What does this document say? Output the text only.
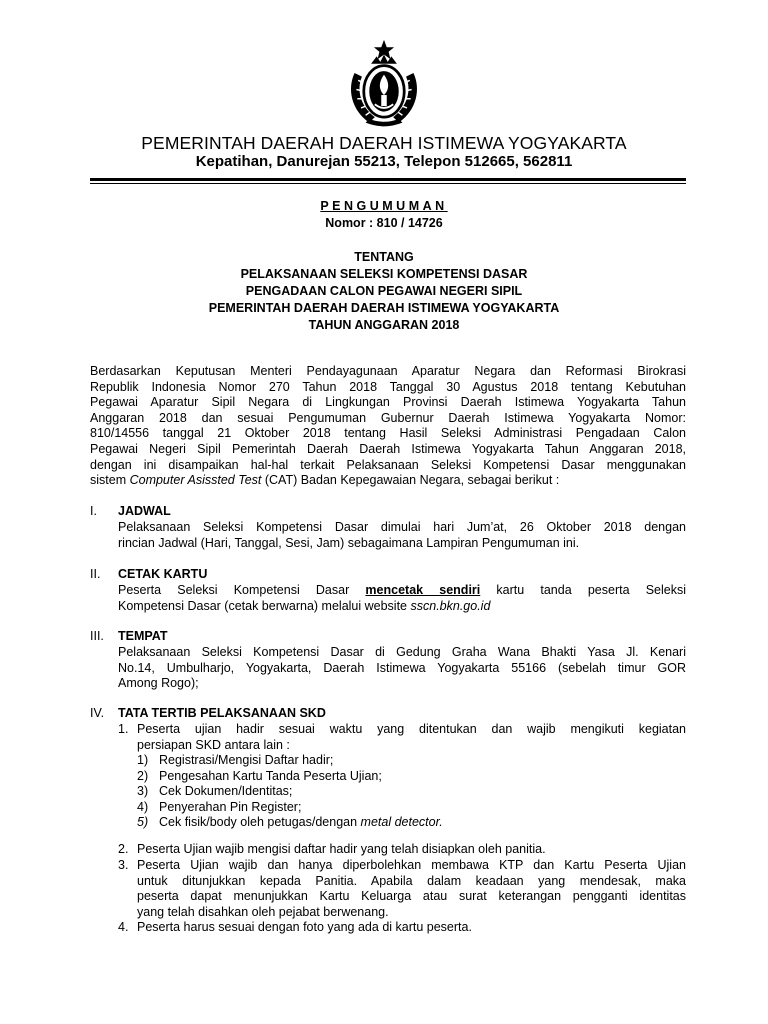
PEMERINTAH DAERAH DAERAH ISTIMEWA YOGYAKARTA
Kepatihan, Danurejan 55213, Telepon 512665, 562811
PENGUMUMAN
Nomor : 810 / 14726
TENTANG
PELAKSANAAN SELEKSI KOMPETENSI DASAR
PENGADAAN CALON PEGAWAI NEGERI SIPIL
PEMERINTAH DAERAH DAERAH ISTIMEWA YOGYAKARTA
TAHUN ANGGARAN 2018
Berdasarkan Keputusan Menteri Pendayagunaan Aparatur Negara dan Reformasi Birokrasi
Republik Indonesia Nomor 270 Tahun 2018 Tanggal 30 Agustus 2018 tentang Kebutuhan
Pegawai Aparatur Sipil Negara di Lingkungan Provinsi Daerah Istimewa Yogyakarta Tahun
Anggaran 2018 dan sesuai Pengumuman Gubernur Daerah Istimewa Yogyakarta Nomor:
810/14556 tanggal 21 Oktober 2018 tentang Hasil Seleksi Administrasi Pengadaan Calon
Pegawai Negeri Sipil Pemerintah Daerah Daerah Istimewa Yogyakarta Tahun Anggaran 2018,
dengan ini disampaikan hal-hal terkait Pelaksanaan Seleksi Kompetensi Dasar menggunakan
sistem Computer Asissted Test (CAT) Badan Kepegawaian Negara, sebagai berikut :
I. JADWAL
Pelaksanaan Seleksi Kompetensi Dasar dimulai hari Jum’at, 26 Oktober 2018 dengan
rincian Jadwal (Hari, Tanggal, Sesi, Jam) sebagaimana Lampiran Pengumuman ini.
II. CETAK KARTU
Peserta Seleksi Kompetensi Dasar mencetak sendiri kartu tanda peserta Seleksi
Kompetensi Dasar (cetak berwarna) melalui website sscn.bkn.go.id
III. TEMPAT
Pelaksanaan Seleksi Kompetensi Dasar di Gedung Graha Wana Bhakti Yasa Jl. Kenari
No.14, Umbulharjo, Yogyakarta, Daerah Istimewa Yogyakarta 55166 (sebelah timur GOR
Among Rogo);
IV. TATA TERTIB PELAKSANAAN SKD
1. Peserta ujian hadir sesuai waktu yang ditentukan dan wajib mengikuti kegiatan
persiapan SKD antara lain :
1) Registrasi/Mengisi Daftar hadir;
2) Pengesahan Kartu Tanda Peserta Ujian;
3) Cek Dokumen/Identitas;
4) Penyerahan Pin Register;
5) Cek fisik/body oleh petugas/dengan metal detector.
2. Peserta Ujian wajib mengisi daftar hadir yang telah disiapkan oleh panitia.
3. Peserta Ujian wajib dan hanya diperbolehkan membawa KTP dan Kartu Peserta Ujian
untuk ditunjukkan kepada Panitia. Apabila dalam keadaan yang mendesak, maka
peserta dapat menunjukkan Kartu Keluarga atau surat keterangan pengganti identitas
yang telah disahkan oleh pejabat berwenang.
4. Peserta harus sesuai dengan foto yang ada di kartu peserta.
